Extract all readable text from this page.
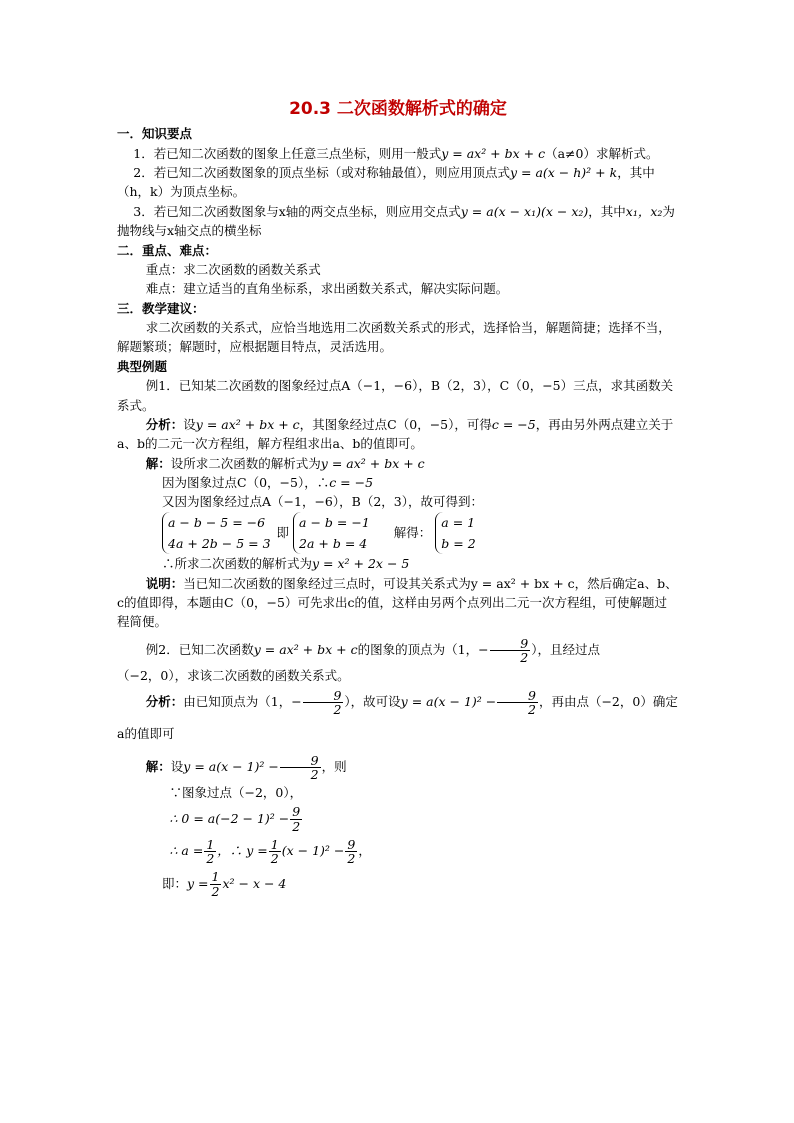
20.3 二次函数解析式的确定

一．知识要点

1．若已知二次函数的图象上任意三点坐标，则用一般式y = ax² + bx + c（a≠0）求解析式。

2．若已知二次函数图象的顶点坐标（或对称轴最值），则应用顶点式y = a(x − h)² + k，其中（h，k）为顶点坐标。

3．若已知二次函数图象与x轴的两交点坐标，则应用交点式y = a(x − x₁)(x − x₂)，其中x₁，x₂为抛物线与x轴交点的横坐标

二．重点、难点：

重点：求二次函数的函数关系式

难点：建立适当的直角坐标系，求出函数关系式，解决实际问题。

三．教学建议：

求二次函数的关系式，应恰当地选用二次函数关系式的形式，选择恰当，解题简捷；选择不当，解题繁琐；解题时，应根据题目特点，灵活选用。

典型例题

例1．已知某二次函数的图象经过点A（−1，−6），B（2，3），C（0，−5）三点，求其函数关系式。

分析：设y = ax² + bx + c，其图象经过点C（0，−5），可得c = −5，再由另外两点建立关于a、b的二元一次方程组，解方程组求出a、b的值即可。

解：设所求二次函数的解析式为y = ax² + bx + c

因为图象过点C（0，−5），∴c = −5

又因为图象经过点A（−1，−6），B（2，3），故可得到：

a − b − 5 = −6
4a + 2b − 5 = 3
即
a − b = −1
2a + b = 4
解得：
a = 1
b = 2

∴所求二次函数的解析式为y = x² + 2x − 5

说明：当已知二次函数的图象经过三点时，可设其关系式为y = ax² + bx + c，然后确定a、b、c的值即得，本题由C（0，−5）可先求出c的值，这样由另两个点列出二元一次方程组，可使解题过程简便。

例2．已知二次函数y = ax² + bx + c的图象的顶点为（1，− $\frac{9}{2}$ ），且经过点

（−2，0），求该二次函数的函数关系式。

分析：由已知顶点为（1，− $\frac{9}{2}$ ），故可设$y = a(x - 1)^2 - \frac{9}{2}$ ，再由点（−2，0）确定a的值即可

解：设$y = a(x - 1)^2 - \frac{9}{2}$ ，则

∵图象过点（−2，0），

∴ $0 = a(-2 - 1)^2 - \frac{9}{2}$

∴ $a = \frac{1}{2}$ ，∴ $y = \frac{1}{2} (x - 1)^2 - \frac{9}{2}$ ，

即：$y = \frac{1}{2} x^2 - x - 4$
